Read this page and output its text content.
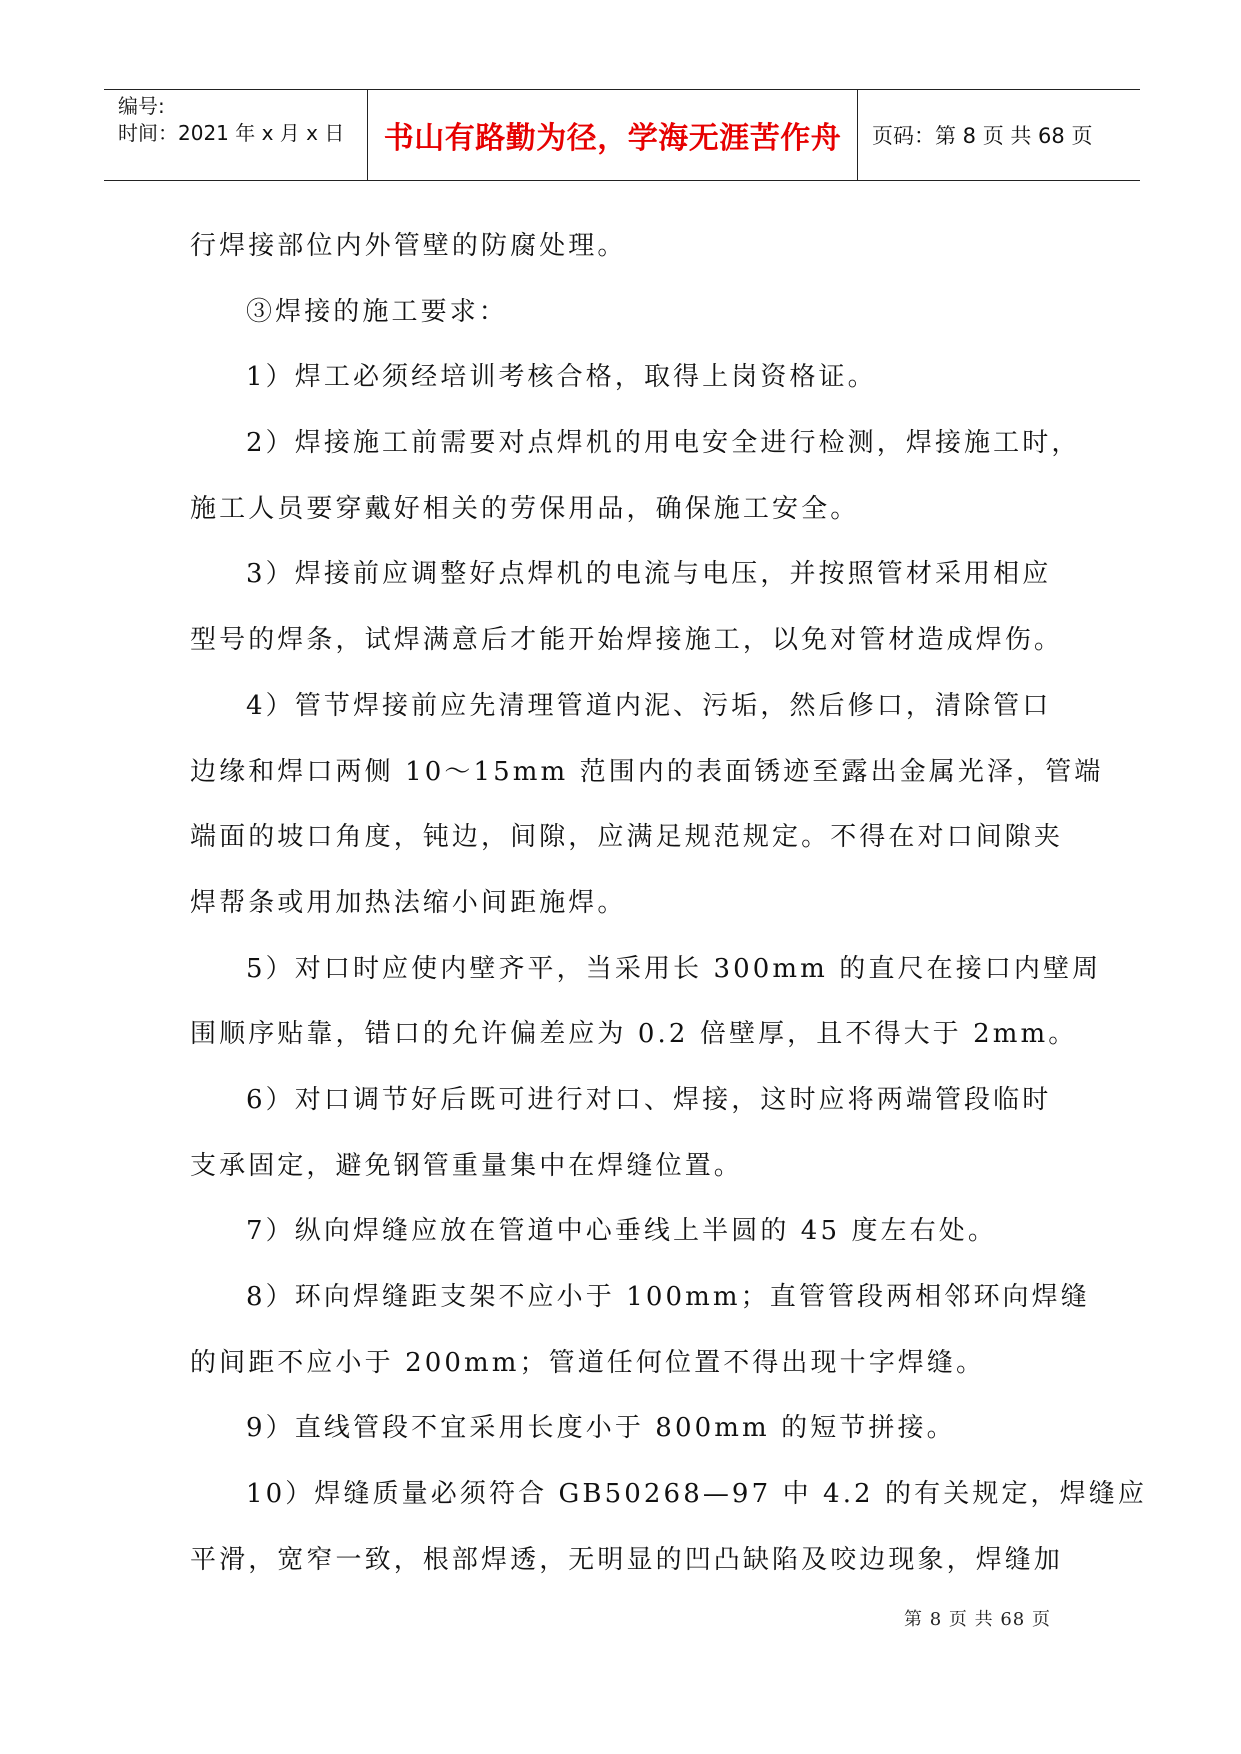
编号:
时间：2021 年 x 月 x 日	书山有路勤为径，学海无涯苦作舟	页码：第 8 页 共 68 页
行焊接部位内外管壁的防腐处理。
③焊接的施工要求：
1）焊工必须经培训考核合格，取得上岗资格证。
2）焊接施工前需要对点焊机的用电安全进行检测，焊接施工时，
施工人员要穿戴好相关的劳保用品，确保施工安全。
3）焊接前应调整好点焊机的电流与电压，并按照管材采用相应
型号的焊条，试焊满意后才能开始焊接施工，以免对管材造成焊伤。
4）管节焊接前应先清理管道内泥、污垢，然后修口，清除管口
边缘和焊口两侧 10～15mm 范围内的表面锈迹至露出金属光泽，管端
端面的坡口角度，钝边，间隙，应满足规范规定。不得在对口间隙夹
焊帮条或用加热法缩小间距施焊。
5）对口时应使内壁齐平，当采用长 300mm 的直尺在接口内壁周
围顺序贴靠，错口的允许偏差应为 0.2 倍壁厚，且不得大于 2mm。
6）对口调节好后既可进行对口、焊接，这时应将两端管段临时
支承固定，避免钢管重量集中在焊缝位置。
7）纵向焊缝应放在管道中心垂线上半圆的 45 度左右处。
8）环向焊缝距支架不应小于 100mm；直管管段两相邻环向焊缝
的间距不应小于 200mm；管道任何位置不得出现十字焊缝。
9）直线管段不宜采用长度小于 800mm 的短节拼接。
10）焊缝质量必须符合 GB50268—97 中 4.2 的有关规定，焊缝应
平滑，宽窄一致，根部焊透，无明显的凹凸缺陷及咬边现象，焊缝加
第 8 页 共 68 页
